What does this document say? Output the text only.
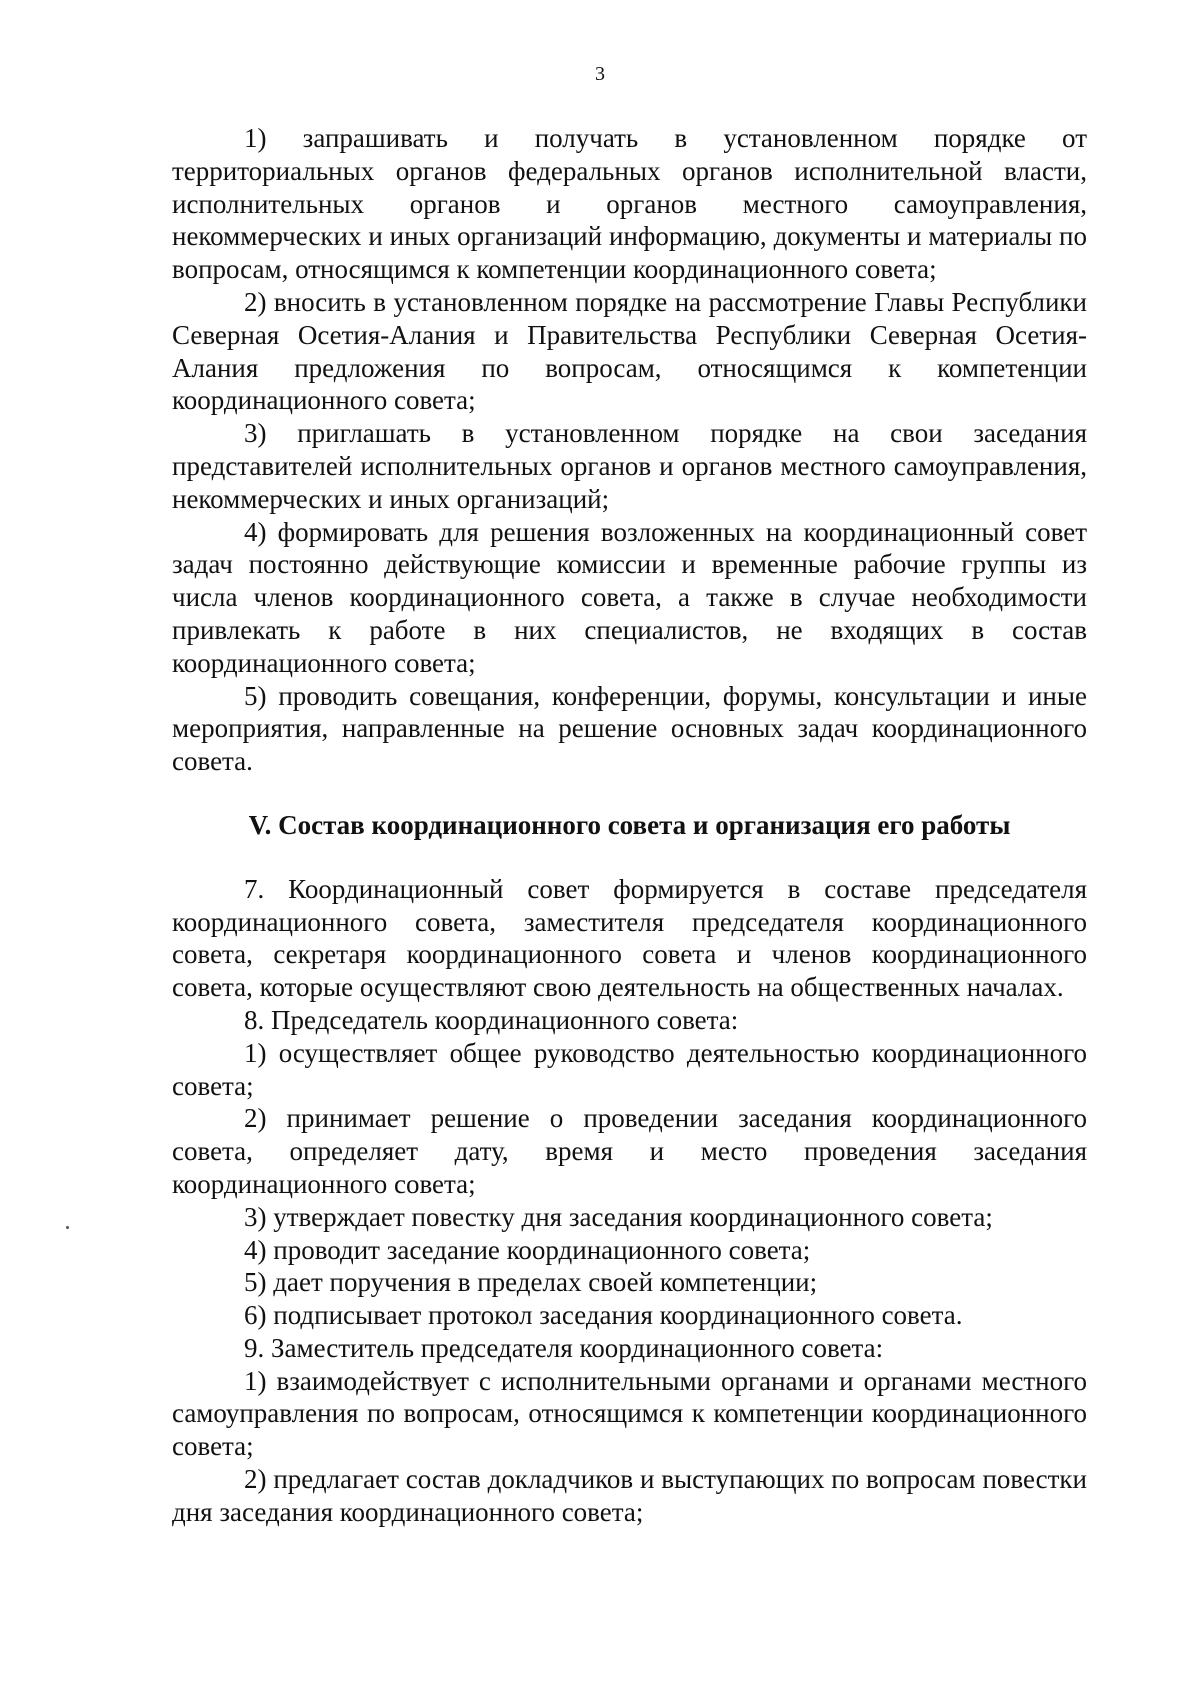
3

1) запрашивать и получать в установленном порядке от территориальных органов федеральных органов исполнительной власти, исполнительных органов и органов местного самоуправления, некоммерческих и иных организаций информацию, документы и материалы по вопросам, относящимся к компетенции координационного совета;

2) вносить в установленном порядке на рассмотрение Главы Республики Северная Осетия-Алания и Правительства Республики Северная Осетия-Алания предложения по вопросам, относящимся к компетенции координационного совета;

3) приглашать в установленном порядке на свои заседания представителей исполнительных органов и органов местного самоуправления, некоммерческих и иных организаций;

4) формировать для решения возложенных на координационный совет задач постоянно действующие комиссии и временные рабочие группы из числа членов координационного совета, а также в случае необходимости привлекать к работе в них специалистов, не входящих в состав координационного совета;

5) проводить совещания, конференции, форумы, консультации и иные мероприятия, направленные на решение основных задач координационного совета.

V. Состав координационного совета и организация его работы

7. Координационный совет формируется в составе председателя координационного совета, заместителя председателя координационного совета, секретаря координационного совета и членов координационного совета, которые осуществляют свою деятельность на общественных началах.

8. Председатель координационного совета:

1) осуществляет общее руководство деятельностью координационного совета;

2) принимает решение о проведении заседания координационного совета, определяет дату, время и место проведения заседания координационного совета;

3) утверждает повестку дня заседания координационного совета;

4) проводит заседание координационного совета;

5) дает поручения в пределах своей компетенции;

6) подписывает протокол заседания координационного совета.

9. Заместитель председателя координационного совета:

1) взаимодействует с исполнительными органами и органами местного самоуправления по вопросам, относящимся к компетенции координационного совета;

2) предлагает состав докладчиков и выступающих по вопросам повестки дня заседания координационного совета;
